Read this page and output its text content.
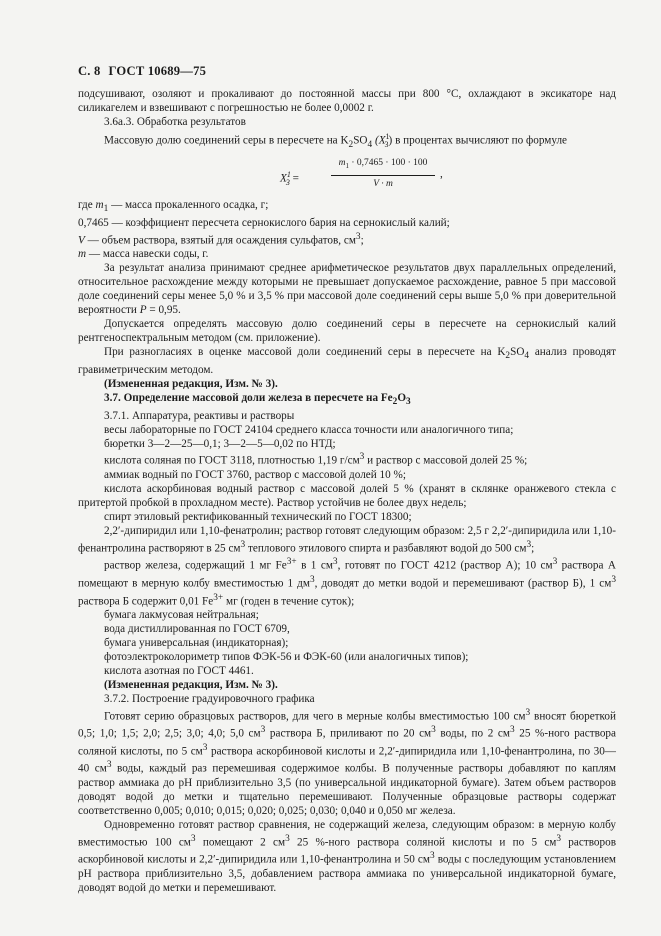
С. 8 ГОСТ 10689—75

подсушивают, озоляют и прокаливают до постоянной массы при 800 °С, охлаждают в эксикаторе над силикагелем и взвешивают с погрешностью не более 0,0002 г.

3.6а.3. Обработка результатов

Массовую долю соединений серы в пересчете на $K_2SO_4$ $(X^1_3)$ в процентах вычисляют по формуле

$X^1_3$ =	$\frac{m_1 \cdot 0,7465 \cdot 100 \cdot 100}{V \cdot m}$ ,

где $m_1$ — масса прокаленного осадка, г;

0,7465 — коэффициент пересчета сернокислого бария на сернокислый калий;

V — объем раствора, взятый для осаждения сульфатов, $см^3$;

m — масса навески соды, г.

За результат анализа принимают среднее арифметическое результатов двух параллельных определений, относительное расхождение между которыми не превышает допускаемое расхождение, равное 5 при массовой доле соединений серы менее 5,0 % и 3,5 % при массовой доле соединений серы выше 5,0 % при доверительной вероятности P = 0,95.

Допускается определять массовую долю соединений серы в пересчете на сернокислый калий рентгеноспектральным методом (см. приложение).

При разногласиях в оценке массовой доли соединений серы в пересчете на $K_2SO_4$ анализ проводят гравиметрическим методом.

(Измененная редакция, Изм. № 3).

3.7. Определение массовой доли железа в пересчете на $Fe_2O_3$

3.7.1. Аппаратура, реактивы и растворы

весы лабораторные по ГОСТ 24104 среднего класса точности или аналогичного типа;

бюретки 3—2—25—0,1; 3—2—5—0,02 по НТД;

кислота соляная по ГОСТ 3118, плотностью 1,19 $г/см^3$ и раствор с массовой долей 25 %;

аммиак водный по ГОСТ 3760, раствор с массовой долей 10 %;

кислота аскорбиновая водный раствор с массовой долей 5 % (хранят в склянке оранжевого стекла с притертой пробкой в прохладном месте). Раствор устойчив не более двух недель;

спирт этиловый ректификованный технический по ГОСТ 18300;

2,2′-дипиридил или 1,10-фенатролин; раствор готовят следующим образом: 2,5 г 2,2′-дипиридила или 1,10-фенантролина растворяют в 25 $см^3$ теплового этилового спирта и разбавляют водой до 500 $см^3$;

раствор железа, содержащий 1 мг $Fe^{3+}$ в 1 $см^3$, готовят по ГОСТ 4212 (раствор А); 10 $см^3$ раствора А помещают в мерную колбу вместимостью 1 $дм^3$, доводят до метки водой и перемешивают (раствор Б), 1 $см^3$ раствора Б содержит 0,01 $Fe^{3+}$ мг (годен в течение суток);

бумага лакмусовая нейтральная;

вода дистиллированная по ГОСТ 6709,

бумага универсальная (индикаторная);

фотоэлектроколориметр типов ФЭК-56 и ФЭК-60 (или аналогичных типов);

кислота азотная по ГОСТ 4461.

(Измененная редакция, Изм. № 3).

3.7.2. Построение градуировочного графика

Готовят серию образцовых растворов, для чего в мерные колбы вместимостью 100 $см^3$ вносят бюреткой 0,5; 1,0; 1,5; 2,0; 2,5; 3,0; 4,0; 5,0 $см^3$ раствора Б, приливают по 20 $см^3$ воды, по 2 $см^3$ 25 %-ного раствора соляной кислоты, по 5 $см^3$ раствора аскорбиновой кислоты и 2,2′-дипиридила или 1,10-фенантролина, по 30—40 $см^3$ воды, каждый раз перемешивая содержимое колбы. В полученные растворы добавляют по каплям раствор аммиака до pH приблизительно 3,5 (по универсальной индикаторной бумаге). Затем объем растворов доводят водой до метки и тщательно перемешивают. Полученные образцовые растворы содержат соответственно 0,005; 0,010; 0,015; 0,020; 0,025; 0,030; 0,040 и 0,050 мг железа.

Одновременно готовят раствор сравнения, не содержащий железа, следующим образом: в мерную колбу вместимостью 100 $см^3$ помещают 2 $см^3$ 25 %-ного раствора соляной кислоты и по 5 $см^3$ растворов аскорбиновой кислоты и 2,2′-дипиридила или 1,10-фенантролина и 50 $см^3$ воды с последующим установлением pH раствора приблизительно 3,5, добавлением раствора аммиака по универсальной индикаторной бумаге, доводят водой до метки и перемешивают.
